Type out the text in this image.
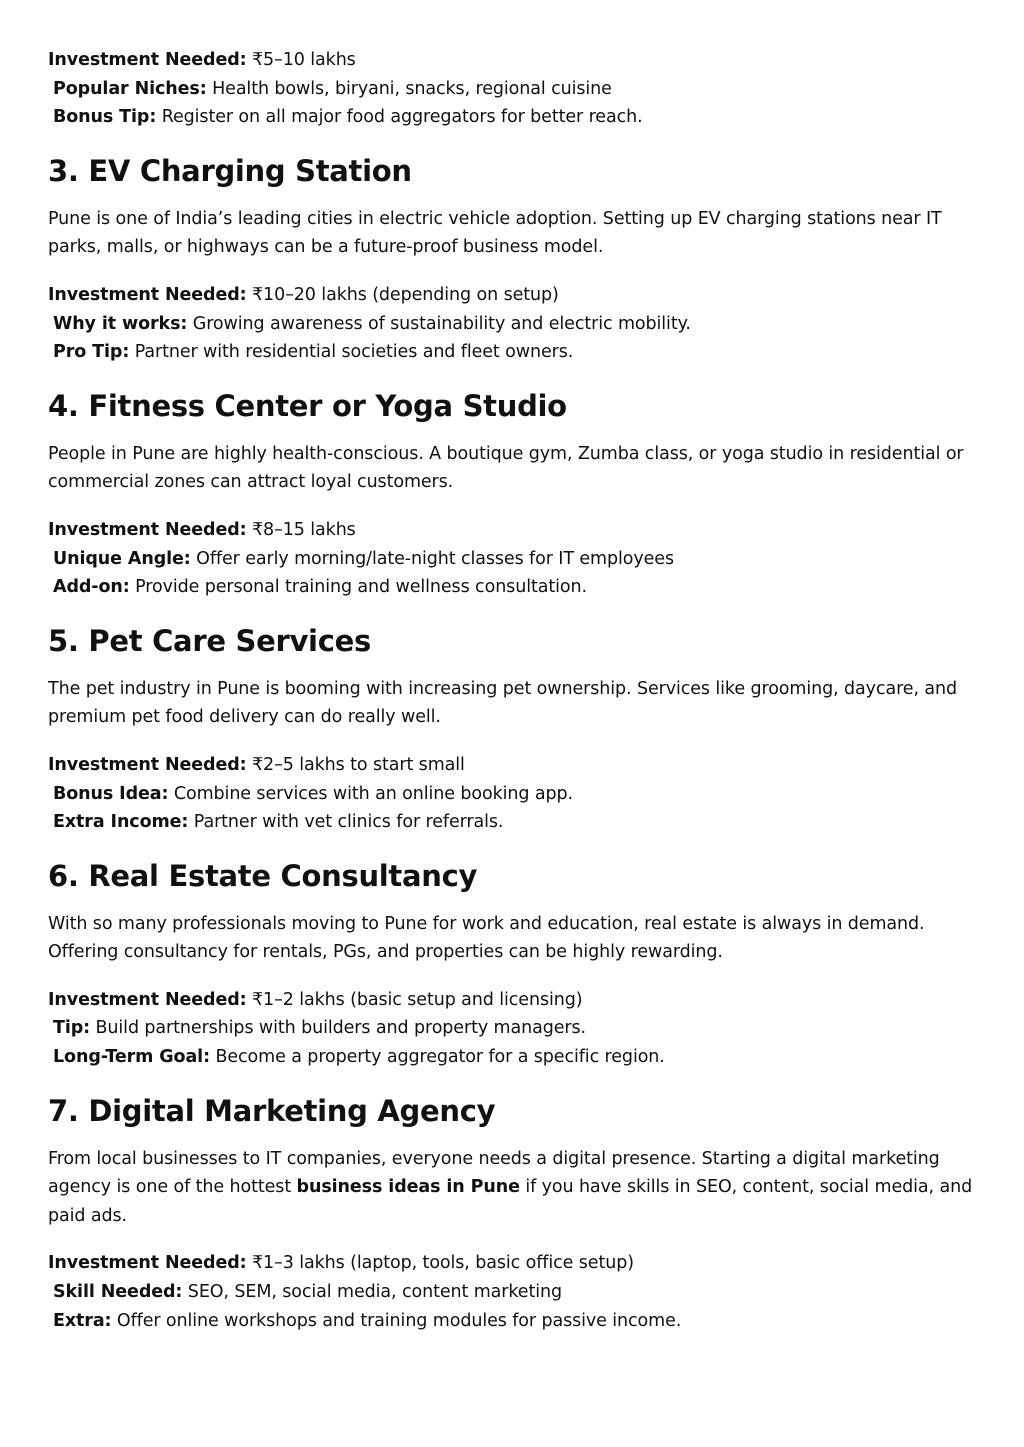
Investment Needed: ₹5–10 lakhs
Popular Niches: Health bowls, biryani, snacks, regional cuisine
Bonus Tip: Register on all major food aggregators for better reach.
3. EV Charging Station

Pune is one of India’s leading cities in electric vehicle adoption. Setting up EV charging stations near IT parks, malls, or highways can be a future-proof business model.

Investment Needed: ₹10–20 lakhs (depending on setup)
Why it works: Growing awareness of sustainability and electric mobility.
Pro Tip: Partner with residential societies and fleet owners.
4. Fitness Center or Yoga Studio

People in Pune are highly health-conscious. A boutique gym, Zumba class, or yoga studio in residential or commercial zones can attract loyal customers.

Investment Needed: ₹8–15 lakhs
Unique Angle: Offer early morning/late-night classes for IT employees
Add-on: Provide personal training and wellness consultation.
5. Pet Care Services

The pet industry in Pune is booming with increasing pet ownership. Services like grooming, daycare, and premium pet food delivery can do really well.

Investment Needed: ₹2–5 lakhs to start small
Bonus Idea: Combine services with an online booking app.
Extra Income: Partner with vet clinics for referrals.
6. Real Estate Consultancy

With so many professionals moving to Pune for work and education, real estate is always in demand. Offering consultancy for rentals, PGs, and properties can be highly rewarding.

Investment Needed: ₹1–2 lakhs (basic setup and licensing)
Tip: Build partnerships with builders and property managers.
Long-Term Goal: Become a property aggregator for a specific region.
7. Digital Marketing Agency

From local businesses to IT companies, everyone needs a digital presence. Starting a digital marketing agency is one of the hottest business ideas in Pune if you have skills in SEO, content, social media, and paid ads.

Investment Needed: ₹1–3 lakhs (laptop, tools, basic office setup)
Skill Needed: SEO, SEM, social media, content marketing
Extra: Offer online workshops and training modules for passive income.
